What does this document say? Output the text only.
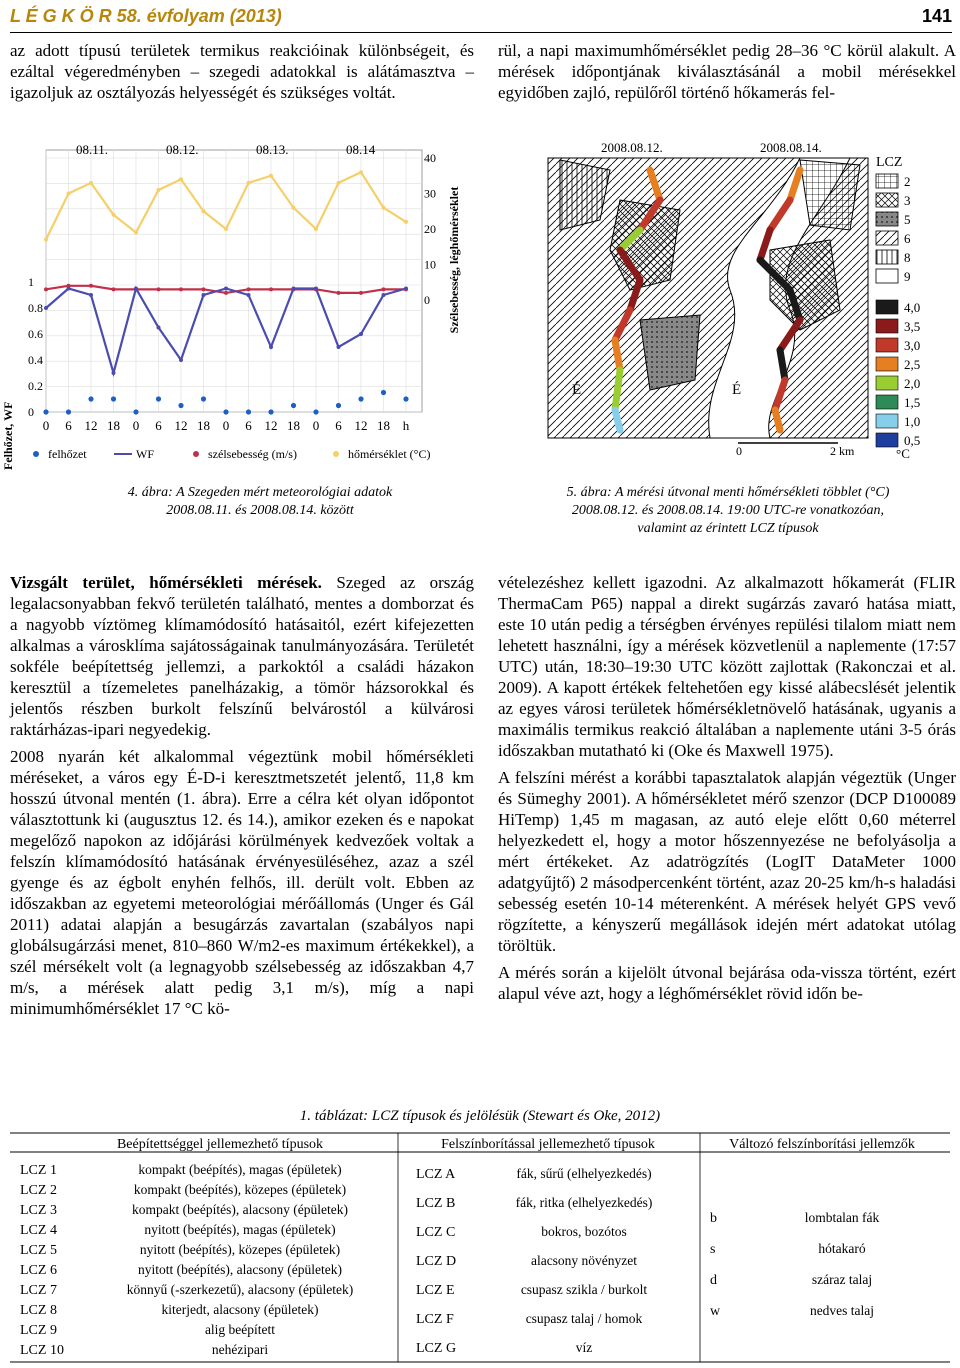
L É G K Ö R 58. évfolyam (2013)	141

az adott típusú területek termikus reakcióinak különbségeit, és ezáltal végeredményben – szegedi adatokkal is alátámasztva – igazoljuk az osztályozás helyességét és szükséges voltát.

rül, a napi maximumhőmérséklet pedig 28–36 °C körül alakult. A mérések időpontjának kiválasztásánál a mobil mérésekkel egyidőben zajló, repülőről történő hőkamerás fel-

08.11.	08.12.	08.13.	08.14
40
30
20
10
0
1
0.8
0.6
0.4
0.2
0
0 6 12 18 0 6 12 18 0 6 12 18 0 6 12 18 h
Szélsebesség, léghőmérséklet
Felhőzet, WF	felhőzet	WF	szélsebesség (m/s)	hőmérséklet (°C)
4. ábra: A Szegeden mért meteorológiai adatok
2008.08.11. és 2008.08.14. között
2008.08.12.	2008.08.14.
É	É
0	2 km
LCZ
2
3
5
6
8
9
4,0
3,5
3,0
2,5
2,0
1,5
1,0
0,5
°C
5. ábra: A mérési útvonal menti hőmérsékleti többlet (°C)
2008.08.12. és 2008.08.14. 19:00 UTC-re vonatkozóan,
valamint az érintett LCZ típusok

Vizsgált terület, hőmérsékleti mérések. Szeged az ország legalacsonyabban fekvő területén található, mentes a domborzat és a nagyobb víztömeg klímamódosító hatásaitól, ezért kifejezetten alkalmas a városklíma sajátosságainak tanulmányozására. Területét sokféle beépítettség jellemzi, a parkoktól a családi házakon keresztül a tízemeletes panelházakig, a tömör házsorokkal és jelentős részben burkolt felszínű belvárostól a külvárosi raktárházas-ipari negyedekig.

2008 nyarán két alkalommal végeztünk mobil hőmérsékleti méréseket, a város egy É-D-i keresztmetszetét jelentő, 11,8 km hosszú útvonal mentén (1. ábra). Erre a célra két olyan időpontot választottunk ki (augusztus 12. és 14.), amikor ezeken és e napokat megelőző napokon az időjárási körülmények kedvezőek voltak a felszín klímamódosító hatásának érvényesüléséhez, azaz a szél gyenge és az égbolt enyhén felhős, ill. derült volt. Ebben az időszakban az egyetemi meteorológiai mérőállomás (Unger és Gál 2011) adatai alapján a besugárzás zavartalan (szabályos napi globálsugárzási menet, 810–860 W/m2-es maximum értékekkel), a szél mérsékelt volt (a legnagyobb szélsebesség az időszakban 4,7 m/s, a mérések alatt pedig 3,1 m/s), míg a napi minimumhőmérséklet 17 °C kö-

vételezéshez kellett igazodni. Az alkalmazott hőkamerát (FLIR ThermaCam P65) nappal a direkt sugárzás zavaró hatása miatt, este 10 után pedig a térségben érvényes repülési tilalom miatt nem lehetett használni, így a mérések közvetlenül a naplemente (17:57 UTC) után, 18:30–19:30 UTC között zajlottak (Rakonczai et al. 2009). A kapott értékek feltehetően egy kissé alábecslését jelentik az egyes városi területek hőmérsékletnövelő hatásának, ugyanis a maximális termikus reakció általában a naplemente utáni 3-5 órás időszakban mutatható ki (Oke és Maxwell 1975).

A felszíni mérést a korábbi tapasztalatok alapján végeztük (Unger és Sümeghy 2001). A hőmérsékletet mérő szenzor (DCP D100089 HiTemp) 1,45 m magasan, az autó eleje előtt 0,60 méterrel helyezkedett el, hogy a motor hőszennyezése ne befolyásolja a mért értékeket. Az adatrögzítés (LogIT DataMeter 1000 adatgyűjtő) 2 másodpercenként történt, azaz 20-25 km/h-s haladási sebesség esetén 10-14 méterenként. A mérések helyét GPS vevő rögzítette, a kényszerű megállások idején mért adatokat utólag töröltük.

A mérés során a kijelölt útvonal bejárása oda-vissza történt, ezért alapul véve azt, hogy a léghőmérséklet rövid időn be-

1. táblázat: LCZ típusok és jelölésük (Stewart és Oke, 2012)
Beépítettséggel jellemezhető típusok	Felszínborítással jellemezhető típusok	Változó felszínborítási jellemzők
LCZ 1	kompakt (beépítés), magas (épületek)
LCZ 2	kompakt (beépítés), közepes (épületek)
LCZ 3	kompakt (beépítés), alacsony (épületek)
LCZ 4	nyitott (beépítés), magas (épületek)
LCZ 5	nyitott (beépítés), közepes (épületek)
LCZ 6	nyitott (beépítés), alacsony (épületek)
LCZ 7	könnyű (-szerkezetű), alacsony (épületek)
LCZ 8	kiterjedt, alacsony (épületek)
LCZ 9	alig beépített
LCZ 10	nehézipari
LCZ A	fák, sűrű (elhelyezkedés)
LCZ B	fák, ritka (elhelyezkedés)
LCZ C	bokros, bozótos
LCZ D	alacsony növényzet
LCZ E	csupasz szikla / burkolt
LCZ F	csupasz talaj / homok
LCZ G	víz
b	lombtalan fák
s	hótakaró
d	száraz talaj
w	nedves talaj
